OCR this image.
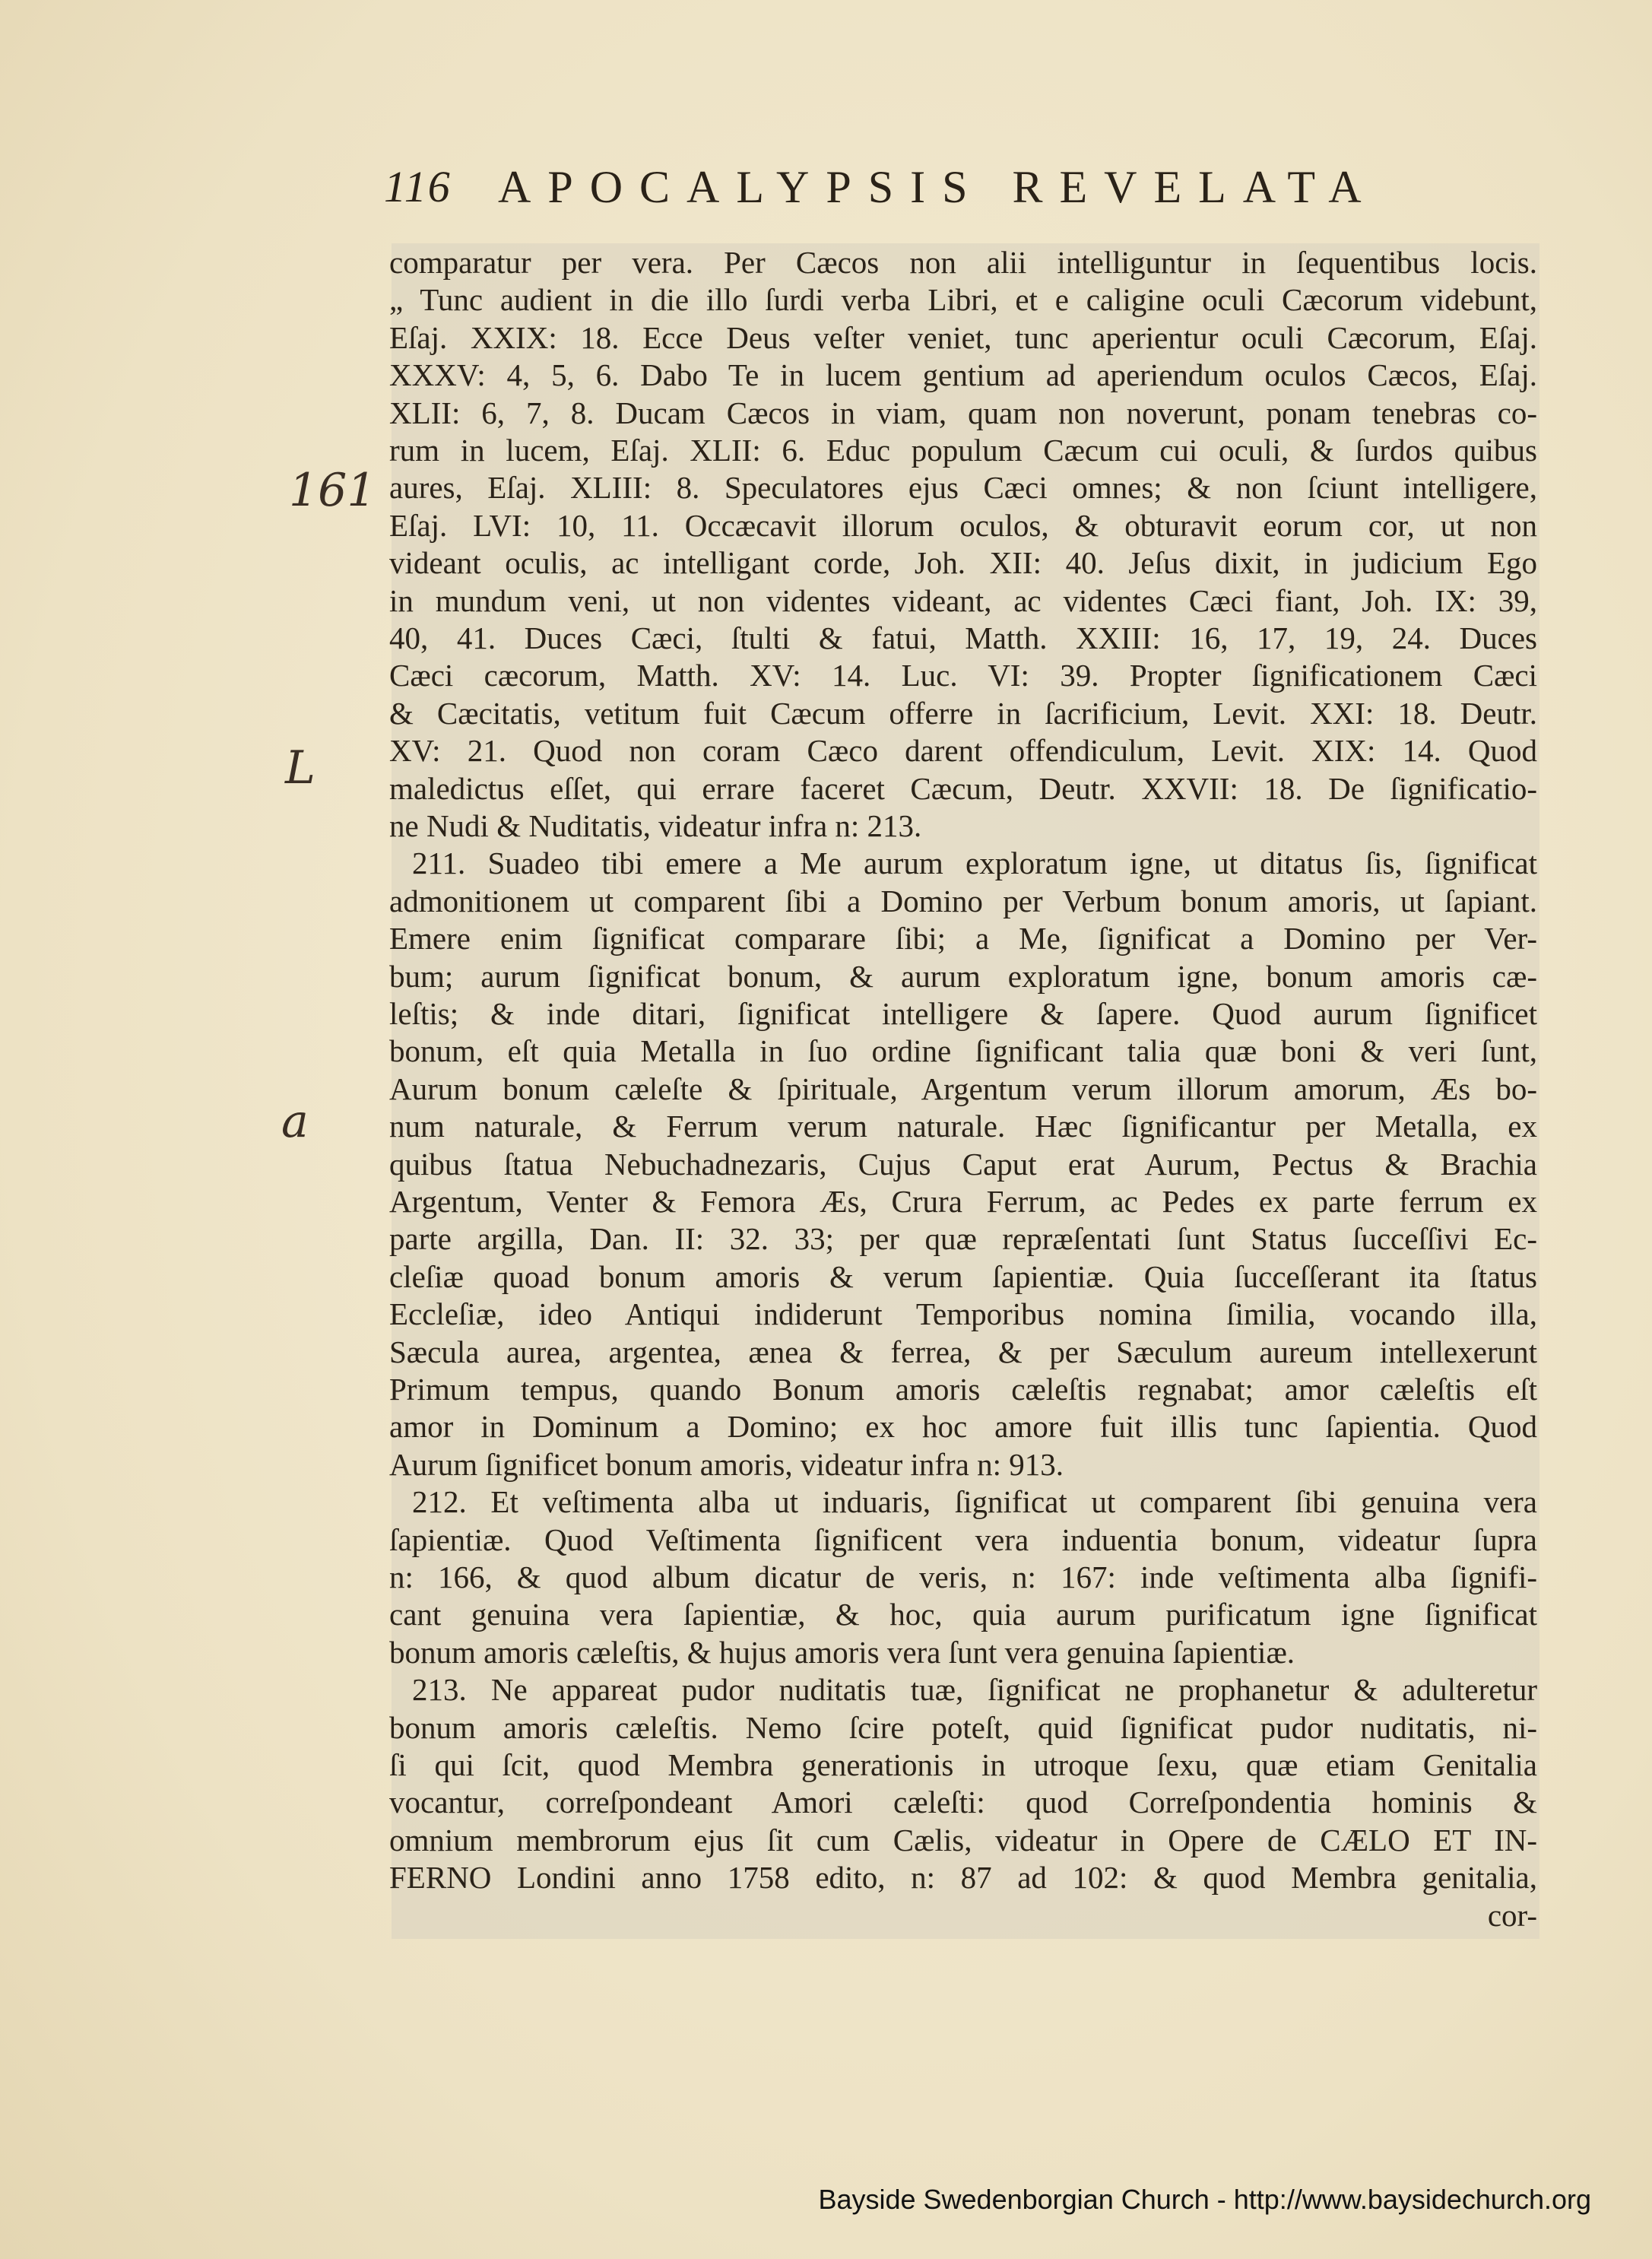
116 APOCALYPSIS REVELATA
comparatur per vera. Per Cæcos non alii intelliguntur in ſequentibus locis.
„ Tunc audient in die illo ſurdi verba Libri, et e caligine oculi Cæcorum videbunt,
Eſaj. XXIX: 18. Ecce Deus veſter veniet, tunc aperientur oculi Cæcorum, Eſaj.
XXXV: 4, 5, 6. Dabo Te in lucem gentium ad aperiendum oculos Cæcos, Eſaj.
XLII: 6, 7, 8. Ducam Cæcos in viam, quam non noverunt, ponam tenebras co-
rum in lucem, Eſaj. XLII: 6. Educ populum Cæcum cui oculi, & ſurdos quibus
aures, Eſaj. XLIII: 8. Speculatores ejus Cæci omnes; & non ſciunt intelligere,
Eſaj. LVI: 10, 11. Occæcavit illorum oculos, & obturavit eorum cor, ut non
videant oculis, ac intelligant corde, Joh. XII: 40. Jeſus dixit, in judicium Ego
in mundum veni, ut non videntes videant, ac videntes Cæci fiant, Joh. IX: 39,
40, 41. Duces Cæci, ſtulti & fatui, Matth. XXIII: 16, 17, 19, 24. Duces
Cæci cæcorum, Matth. XV: 14. Luc. VI: 39. Propter ſignificationem Cæci
& Cæcitatis, vetitum fuit Cæcum offerre in ſacrificium, Levit. XXI: 18. Deutr.
XV: 21. Quod non coram Cæco darent offendiculum, Levit. XIX: 14. Quod
maledictus eſſet, qui errare faceret Cæcum, Deutr. XXVII: 18. De ſignificatio-
ne Nudi & Nuditatis, videatur infra n: 213.
211. Suadeo tibi emere a Me aurum exploratum igne, ut ditatus ſis, ſignificat
admonitionem ut comparent ſibi a Domino per Verbum bonum amoris, ut ſapiant.
Emere enim ſignificat comparare ſibi; a Me, ſignificat a Domino per Ver-
bum; aurum ſignificat bonum, & aurum exploratum igne, bonum amoris cæ-
leſtis; & inde ditari, ſignificat intelligere & ſapere. Quod aurum ſignificet
bonum, eſt quia Metalla in ſuo ordine ſignificant talia quæ boni & veri ſunt,
Aurum bonum cæleſte & ſpirituale, Argentum verum illorum amorum, Æs bo-
num naturale, & Ferrum verum naturale. Hæc ſignificantur per Metalla, ex
quibus ſtatua Nebuchadnezaris, Cujus Caput erat Aurum, Pectus & Brachia
Argentum, Venter & Femora Æs, Crura Ferrum, ac Pedes ex parte ferrum ex
parte argilla, Dan. II: 32. 33; per quæ repræſentati ſunt Status ſucceſſivi Ec-
cleſiæ quoad bonum amoris & verum ſapientiæ. Quia ſucceſſerant ita ſtatus
Eccleſiæ, ideo Antiqui indiderunt Temporibus nomina ſimilia, vocando illa,
Sæcula aurea, argentea, æneа & ferrea, & per Sæculum aureum intellexerunt
Primum tempus, quando Bonum amoris cæleſtis regnabat; amor cæleſtis eſt
amor in Dominum a Domino; ex hoc amore fuit illis tunc ſapientia. Quod
Aurum ſignificet bonum amoris, videatur infra n: 913.
212. Et veſtimenta alba ut induaris, ſignificat ut comparent ſibi genuina vera
ſapientiæ. Quod Veſtimenta ſignificent vera induentia bonum, videatur ſupra
n: 166, & quod album dicatur de veris, n: 167: inde veſtimenta alba ſignifi-
cant genuina vera ſapientiæ, & hoc, quia aurum purificatum igne ſignificat
bonum amoris cæleſtis, & hujus amoris vera ſunt vera genuina ſapientiæ.
213. Ne appareat pudor nuditatis tuæ, ſignificat ne prophanetur & adulteretur
bonum amoris cæleſtis. Nemo ſcire poteſt, quid ſignificat pudor nuditatis, ni-
ſi qui ſcit, quod Membra generationis in utroque ſexu, quæ etiam Genitalia
vocantur, correſpondeant Amori cæleſti: quod Correſpondentia hominis &
omnium membrorum ejus ſit cum Cælis, videatur in Opere de CÆLO ET IN-
FERNO Londini anno 1758 edito, n: 87 ad 102: & quod Membra genitalia,
cor-
161
L
a
Bayside Swedenborgian Church - http://www.baysidechurch.org
